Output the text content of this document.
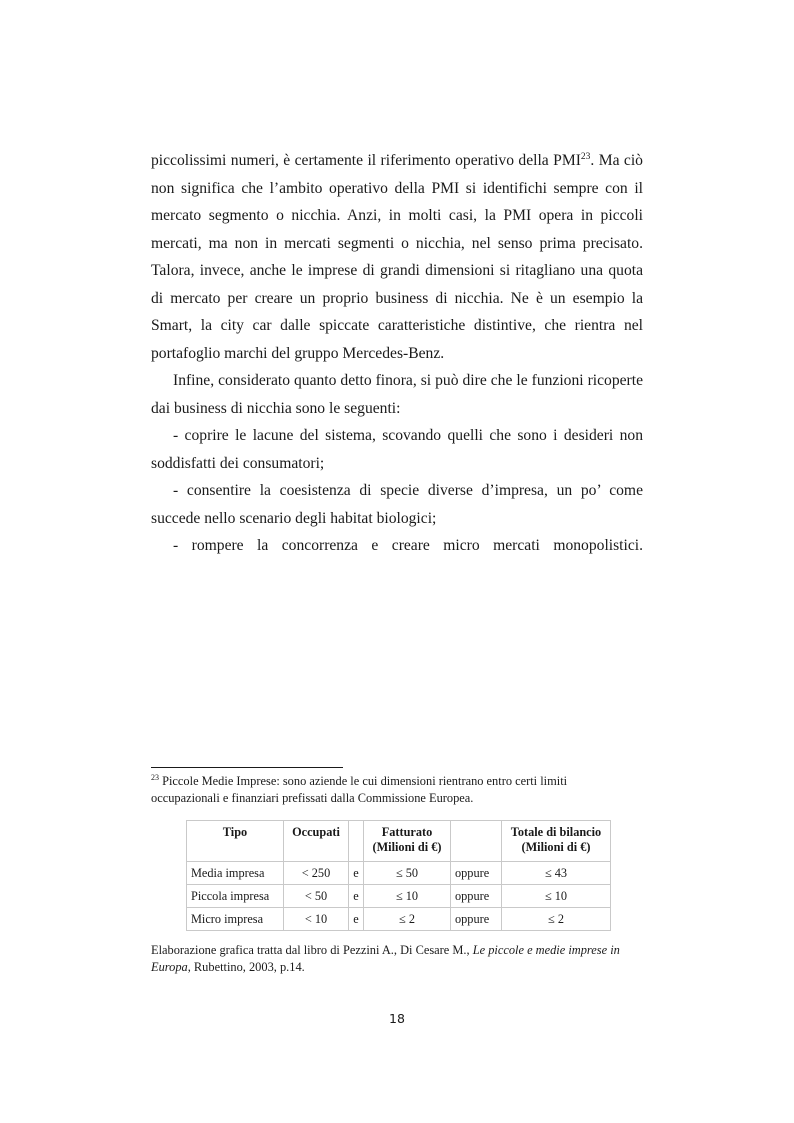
piccolissimi numeri, è certamente il riferimento operativo della PMI$^{23}$. Ma ciò non significa che l’ambito operativo della PMI si identifichi sempre con il mercato segmento o nicchia. Anzi, in molti casi, la PMI opera in piccoli mercati, ma non in mercati segmenti o nicchia, nel senso prima precisato. Talora, invece, anche le imprese di grandi dimensioni si ritagliano una quota di mercato per creare un proprio business di nicchia. Ne è un esempio la Smart, la city car dalle spiccate caratteristiche distintive, che rientra nel portafoglio marchi del gruppo Mercedes-Benz.

Infine, considerato quanto detto finora, si può dire che le funzioni ricoperte dai business di nicchia sono le seguenti:

- coprire le lacune del sistema, scovando quelli che sono i desideri non soddisfatti dei consumatori;

- consentire la coesistenza di specie diverse d’impresa, un po’ come succede nello scenario degli habitat biologici;

- rompere la concorrenza e creare micro mercati monopolistici.

$^{23}$ Piccole Medie Imprese: sono aziende le cui dimensioni rientrano entro certi limiti occupazionali e finanziari prefissati dalla Commissione Europea.

Tipo	Occupati		Fatturato (Milioni di €)		Totale di bilancio (Milioni di €)
Media impresa	< 250	e	≤ 50	oppure	≤ 43
Piccola impresa	< 50	e	≤ 10	oppure	≤ 10
Micro impresa	< 10	e	≤ 2	oppure	≤ 2

Elaborazione grafica tratta dal libro di Pezzini A., Di Cesare M., Le piccole e medie imprese in Europa, Rubettino, 2003, p.14.

18
